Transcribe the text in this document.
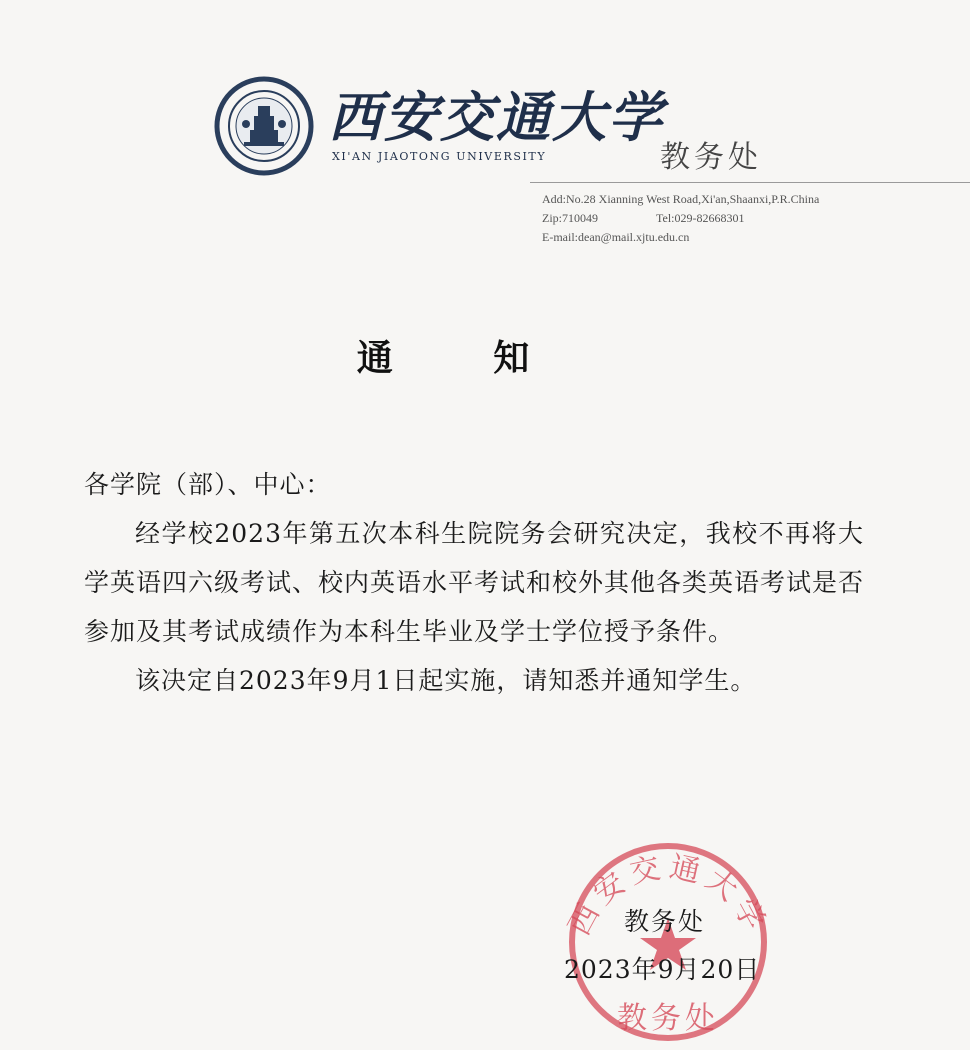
西安交通大学
XI'AN JIAOTONG UNIVERSITY	教务处
Add:No.28 Xianning West Road,Xi'an,Shaanxi,P.R.China
Zip:710049	Tel:029-82668301
E-mail:dean@mail.xjtu.edu.cn
通 知

各学院（部）、中心：

经学校2023年第五次本科生院院务会研究决定，我校不再将大学英语四六级考试、校内英语水平考试和校外其他各类英语考试是否参加及其考试成绩作为本科生毕业及学士学位授予条件。

该决定自2023年9月1日起实施，请知悉并通知学生。

西安交通大学
教务处
教务处
2023年9月20日
